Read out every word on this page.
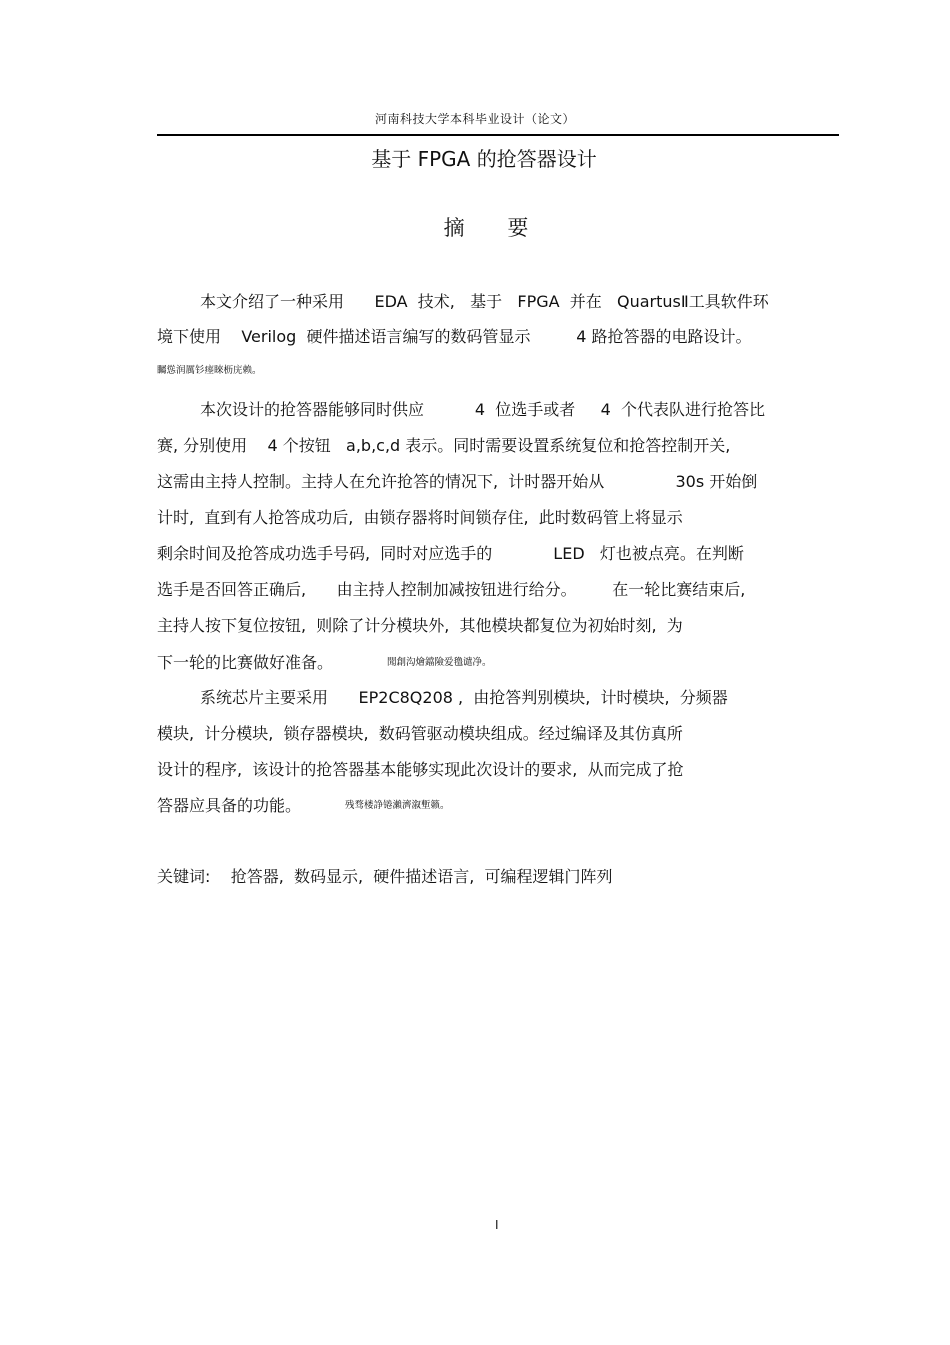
河南科技大学本科毕业设计（论文）
基于 FPGA 的抢答器设计
摘 要
本文介绍了一种采用      EDA  技术,   基于   FPGA  并在   QuartusⅡ工具软件环
境下使用    Verilog  硬件描述语言编写的数码管显示         4 路抢答器的电路设计。
矚慫润厲钐瘗睞枥庑赖。
本次设计的抢答器能够同时供应          4  位选手或者     4  个代表队进行抢答比
赛, 分别使用    4 个按钮   a,b,c,d 表示。同时需要设置系统复位和抢答控制开关,
这需由主持人控制。主持人在允许抢答的情况下,  计时器开始从              30s 开始倒
计时,  直到有人抢答成功后,  由锁存器将时间锁存住,  此时数码管上将显示
剩余时间及抢答成功选手号码,  同时对应选手的            LED   灯也被点亮。在判断
选手是否回答正确后,      由主持人控制加减按钮进行给分。       在一轮比赛结束后,
主持人按下复位按钮,  则除了计分模块外,  其他模块都复位为初始时刻,  为
下一轮的比赛做好准备。	聞創沟燴鐺險爱氇谴净。
系统芯片主要采用      EP2C8Q208 ,  由抢答判别模块,  计时模块,  分频器
模块,  计分模块,  锁存器模块,  数码管驱动模块组成。经过编译及其仿真所
设计的程序,  该设计的抢答器基本能够实现此次设计的要求,  从而完成了抢
答器应具备的功能。	残骛楼諍锩瀨濟溆塹籟。
关键词:    抢答器,  数码显示,  硬件描述语言,  可编程逻辑门阵列
I
